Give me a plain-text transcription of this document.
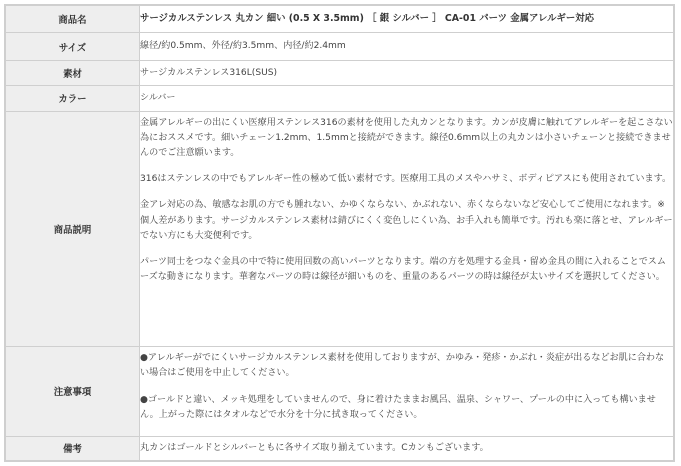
商品名	サージカルステンレス 丸カン 細い (0.5 X 3.5mm) ［ 銀 シルバー ］ CA-01 パーツ 金属アレルギー対応
サイズ	線径/約0.5mm、外径/約3.5mm、内径/約2.4mm
素材	サージカルステンレス316L(SUS)
カラー	シルバー
商品説明	金属アレルギーの出にくい医療用ステンレス316の素材を使用した丸カンとなります。カンが皮膚に触れてアレルギーを起こさない為におススメです。細いチェーン1.2mm、1.5mmと接続ができます。線径0.6mm以上の丸カンは小さいチェーンと接続できませんのでご注意願います。

316はステンレスの中でもアレルギー性の極めて低い素材です。医療用工具のメスやハサミ、ボディピアスにも使用されています。

金アレ対応の為、敏感なお肌の方でも腫れない、かゆくならない、かぶれない、赤くならないなど安心してご使用になれます。※個人差があります。サージカルステンレス素材は錆びにくく変色しにくい為、お手入れも簡単です。汚れも楽に落とせ、アレルギーでない方にも大変便利です。

パーツ同士をつなぐ金具の中で特に使用回数の高いパーツとなります。端の方を処理する金具・留め金具の間に入れることでスムーズな動きになります。華奢なパーツの時は線径が細いものを、重量のあるパーツの時は線径が太いサイズを選択してください。

注意事項	●アレルギーがでにくいサージカルステンレス素材を使用しておりますが、かゆみ・発疹・かぶれ・炎症が出るなどお肌に合わない場合はご使用を中止してください。

●ゴールドと違い、メッキ処理をしていませんので、身に着けたままお風呂、温泉、シャワー、プールの中に入っても構いません。上がった際にはタオルなどで水分を十分に拭き取ってください。

備考	丸カンはゴールドとシルバーともに各サイズ取り揃えています。Cカンもございます。
